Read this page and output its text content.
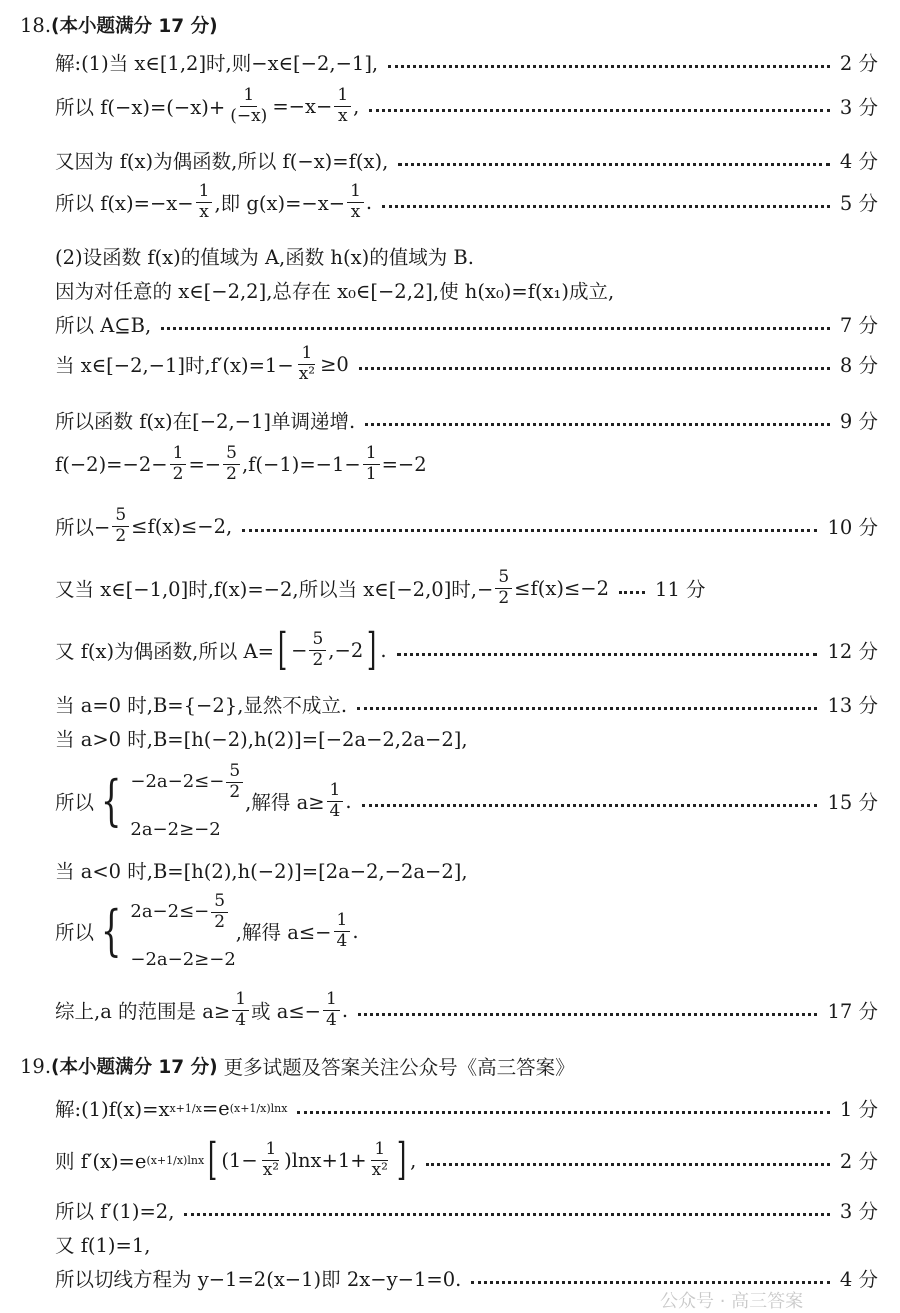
18. (本小题满分 17 分)
解:(1)当 x∈[1,2]时,则−x∈[−2,−1],	2 分
所以 $f(-x)=(-x)+ \frac{1}{(-x)} =-x- \frac{1}{x}$ ,	3 分
又因为 f(x)为偶函数,所以 f(−x)=f(x),	4 分
所以 $f(x)=-x- \frac{1}{x}$ ,即 $g(x)=-x- \frac{1}{x}$ .	5 分
(2)设函数 f(x)的值域为 A,函数 h(x)的值域为 B.
因为对任意的 x∈[−2,2],总存在 x₀∈[−2,2],使 h(x₀)=f(x₁)成立,
所以 A⊆B,	7 分
当 x∈[−2,−1]时$,f'(x)=1- \frac{1}{\text{x²}} \ge 0$	8 分
所以函数 f(x)在[−2,−1]单调递增.	9 分
$f(-2)=-2- \frac{1}{2} =- \frac{5}{2} ,f(-1)=-1- \frac{1}{1} =-2$
所以− $\frac{5}{2} \le f(x)\le-2$,	10 分
又当 x∈[−1,0]时,f(x)=−2,所以当 x∈[−2,0]时,− $\frac{5}{2} \le f(x)\le-2$ 11 分
又 f(x)为偶函数,所以 A= [ − $\frac{5}{2} ,-2$ ] .	12 分
当 a=0 时,B={−2},显然不成立.	13 分
当 a>0 时,B=[h(−2),h(2)]=[−2a−2,2a−2],
所以 { $-2a-2\le- \frac{5}{2}$
2a−2≥−2
,解得 $a\ge \frac{1}{4}$ .	15 分
当 a<0 时,B=[h(2),h(−2)]=[2a−2,−2a−2],
所以 { $2a-2\le- \frac{5}{2}$
−2a−2≥−2
,解得 $a\le- \frac{1}{4}$ .
综上,a 的范围是 $a\ge \frac{1}{4}$ 或 $a\le- \frac{1}{4}$ .	17 分
19. (本小题满分 17 分) 更多试题及答案关注公众号《高三答案》
解:(1)f(x)=x x+1/x =e (x+1/x)lnx	1 分
则 f′(x)=e (x+1/x)lnx [ $(1- \frac{1}{\text{x²}} )\ln x+1+ \frac{1}{\text{x²}}$ ] ,	2 分
所以 f′(1)=2,	3 分
又 f(1)=1,
所以切线方程为 y−1=2(x−1)即 2x−y−1=0.	4 分
公众号 · 高三答案
